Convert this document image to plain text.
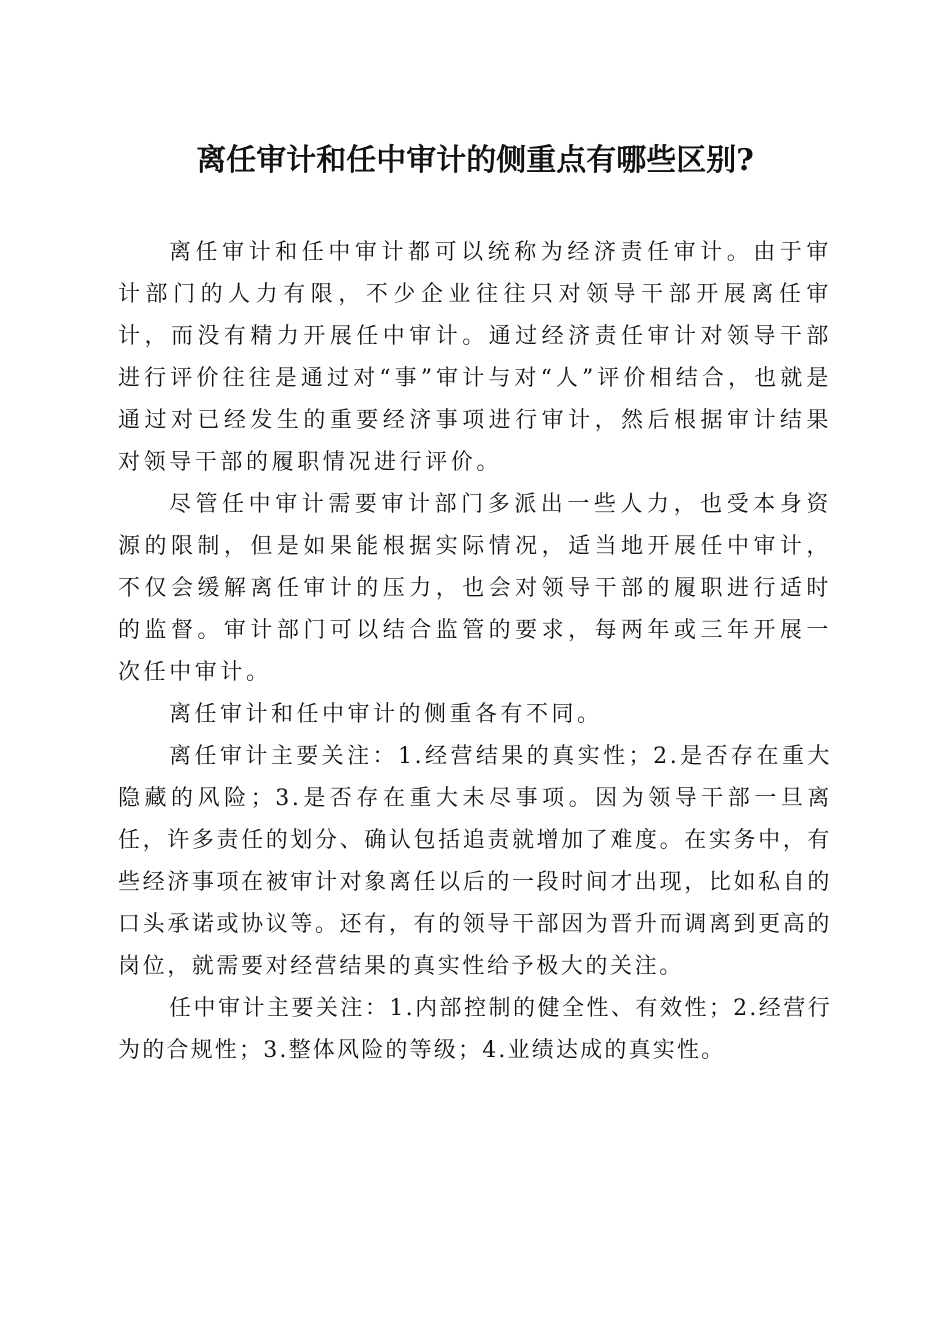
离任审计和任中审计的侧重点有哪些区别?

离任审计和任中审计都可以统称为经济责任审计。由于审计部门的人力有限，不少企业往往只对领导干部开展离任审计，而没有精力开展任中审计。通过经济责任审计对领导干部进行评价往往是通过对“事”审计与对“人”评价相结合，也就是通过对已经发生的重要经济事项进行审计，然后根据审计结果对领导干部的履职情况进行评价。

尽管任中审计需要审计部门多派出一些人力，也受本身资源的限制，但是如果能根据实际情况，适当地开展任中审计，不仅会缓解离任审计的压力，也会对领导干部的履职进行适时的监督。审计部门可以结合监管的要求，每两年或三年开展一次任中审计。

离任审计和任中审计的侧重各有不同。

离任审计主要关注：1.经营结果的真实性；2.是否存在重大隐藏的风险；3.是否存在重大未尽事项。因为领导干部一旦离任，许多责任的划分、确认包括追责就增加了难度。在实务中，有些经济事项在被审计对象离任以后的一段时间才出现，比如私自的口头承诺或协议等。还有，有的领导干部因为晋升而调离到更高的岗位，就需要对经营结果的真实性给予极大的关注。

任中审计主要关注：1.内部控制的健全性、有效性；2.经营行为的合规性；3.整体风险的等级；4.业绩达成的真实性。
